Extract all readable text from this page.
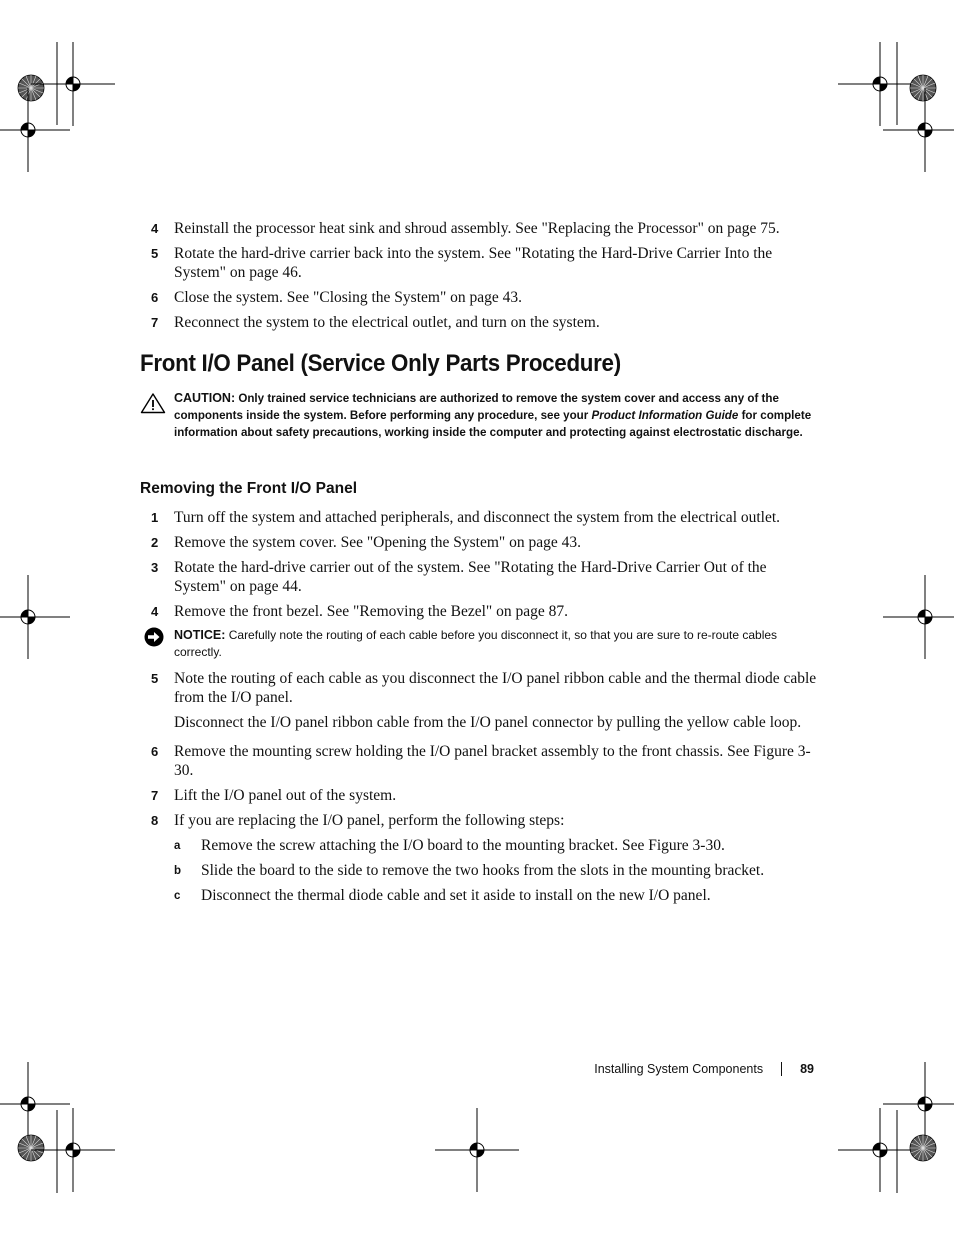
4 Reinstall the processor heat sink and shroud assembly. See "Replacing the Processor" on page 75.
5 Rotate the hard-drive carrier back into the system. See "Rotating the Hard-Drive Carrier Into the System" on page 46.
6 Close the system. See "Closing the System" on page 43.
7 Reconnect the system to the electrical outlet, and turn on the system.
Front I/O Panel (Service Only Parts Procedure)
CAUTION: Only trained service technicians are authorized to remove the system cover and access any of the components inside the system. Before performing any procedure, see your Product Information Guide for complete information about safety precautions, working inside the computer and protecting against electrostatic discharge.
Removing the Front I/O Panel
1 Turn off the system and attached peripherals, and disconnect the system from the electrical outlet.
2 Remove the system cover. See "Opening the System" on page 43.
3 Rotate the hard-drive carrier out of the system. See "Rotating the Hard-Drive Carrier Out of the System" on page 44.
4 Remove the front bezel. See "Removing the Bezel" on page 87.
NOTICE: Carefully note the routing of each cable before you disconnect it, so that you are sure to re-route cables correctly.
5 Note the routing of each cable as you disconnect the I/O panel ribbon cable and the thermal diode cable from the I/O panel.

Disconnect the I/O panel ribbon cable from the I/O panel connector by pulling the yellow cable loop.

6 Remove the mounting screw holding the I/O panel bracket assembly to the front chassis. See Figure 3-30.
7 Lift the I/O panel out of the system.
8 If you are replacing the I/O panel, perform the following steps:
a Remove the screw attaching the I/O board to the mounting bracket. See Figure 3-30.
b Slide the board to the side to remove the two hooks from the slots in the mounting bracket.
c Disconnect the thermal diode cable and set it aside to install on the new I/O panel.
Installing System Components	89
